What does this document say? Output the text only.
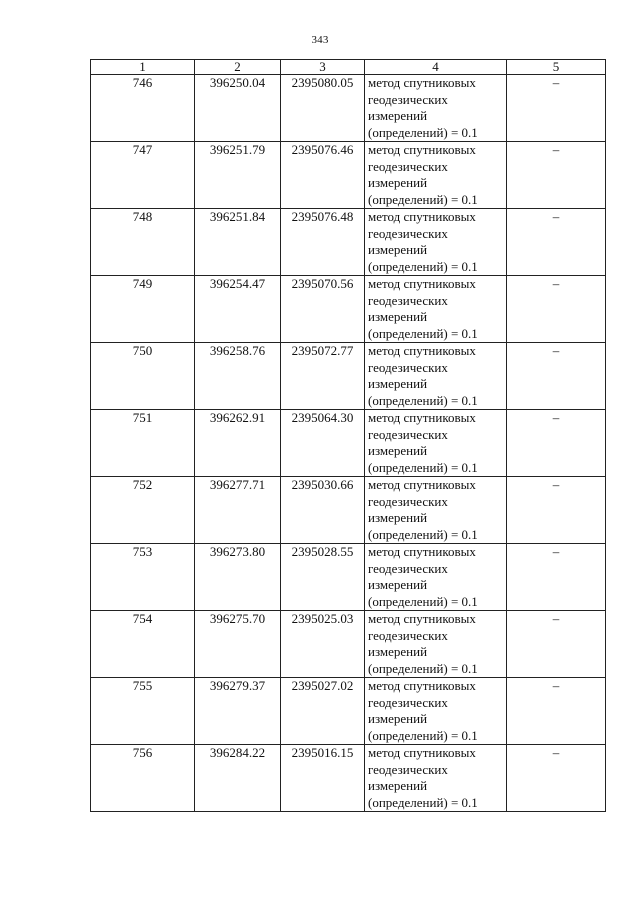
343
1	2	3	4	5
746	396250.04	2395080.05	метод спутниковых
геодезических
измерений
(определений) = 0.1	–
747	396251.79	2395076.46	метод спутниковых
геодезических
измерений
(определений) = 0.1	–
748	396251.84	2395076.48	метод спутниковых
геодезических
измерений
(определений) = 0.1	–
749	396254.47	2395070.56	метод спутниковых
геодезических
измерений
(определений) = 0.1	–
750	396258.76	2395072.77	метод спутниковых
геодезических
измерений
(определений) = 0.1	–
751	396262.91	2395064.30	метод спутниковых
геодезических
измерений
(определений) = 0.1	–
752	396277.71	2395030.66	метод спутниковых
геодезических
измерений
(определений) = 0.1	–
753	396273.80	2395028.55	метод спутниковых
геодезических
измерений
(определений) = 0.1	–
754	396275.70	2395025.03	метод спутниковых
геодезических
измерений
(определений) = 0.1	–
755	396279.37	2395027.02	метод спутниковых
геодезических
измерений
(определений) = 0.1	–
756	396284.22	2395016.15	метод спутниковых
геодезических
измерений
(определений) = 0.1	–
